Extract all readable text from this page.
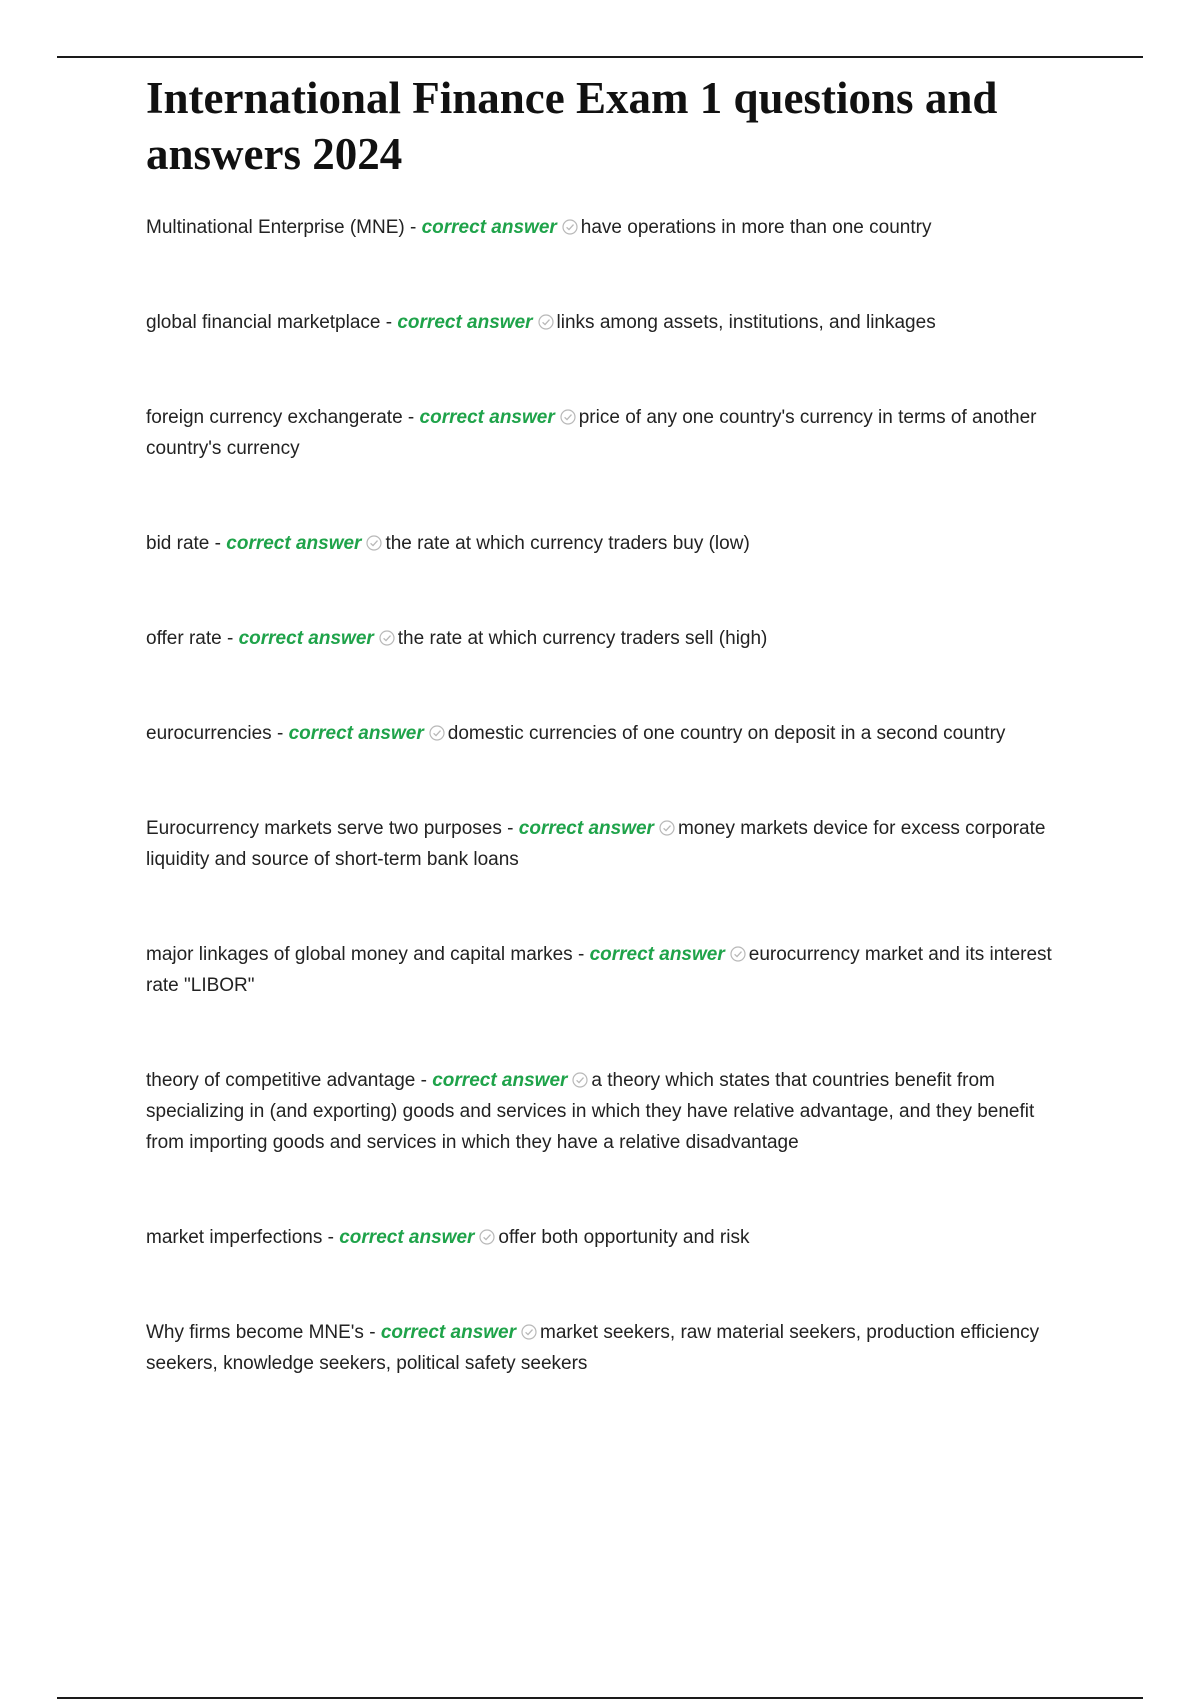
International Finance Exam 1 questions and answers 2024

Multinational Enterprise (MNE) - correct answer have operations in more than one country

global financial marketplace - correct answer links among assets, institutions, and linkages

foreign currency exchangerate - correct answer price of any one country's currency in terms of another country's currency

bid rate - correct answer the rate at which currency traders buy (low)

offer rate - correct answer the rate at which currency traders sell (high)

eurocurrencies - correct answer domestic currencies of one country on deposit in a second country

Eurocurrency markets serve two purposes - correct answer money markets device for excess corporate liquidity and source of short-term bank loans

major linkages of global money and capital markes - correct answer eurocurrency market and its interest rate "LIBOR"

theory of competitive advantage - correct answer a theory which states that countries benefit from specializing in (and exporting) goods and services in which they have relative advantage, and they benefit from importing goods and services in which they have a relative disadvantage

market imperfections - correct answer offer both opportunity and risk

Why firms become MNE's - correct answer market seekers, raw material seekers, production efficiency seekers, knowledge seekers, political safety seekers
